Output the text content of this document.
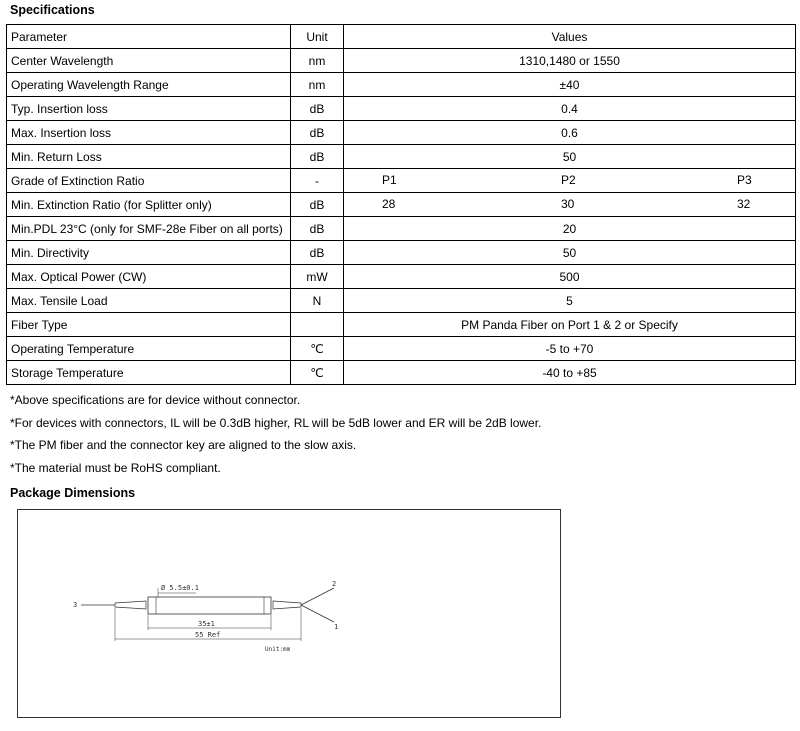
Specifications
Parameter	Unit	Values
Center Wavelength	nm	1310,1480 or 1550
Operating Wavelength Range	nm	±40
Typ. Insertion loss	dB	0.4
Max. Insertion loss	dB	0.6
Min. Return Loss	dB	50
Grade of Extinction Ratio	-	P1 P2 P3

Min. Extinction Ratio (for Splitter only)	dB	28 30 32

Min.PDL 23°C (only for SMF-28e Fiber on all ports)	dB	20
Min. Directivity	dB	50
Max. Optical Power (CW)	mW	500
Max. Tensile Load	N	5
Fiber Type		PM Panda Fiber on Port 1 & 2 or Specify
Operating Temperature	℃	-5 to +70
Storage Temperature	℃	-40 to +85
*Above specifications are for device without connector.
*For devices with connectors, IL will be 0.3dB higher, RL will be 5dB lower and ER will be 2dB lower.
*The PM fiber and the connector key are aligned to the slow axis.
*The material must be RoHS compliant.
Package Dimensions
Ø 5.5±0.1
35±1
55 Ref
Unit:mm
3
2
1
